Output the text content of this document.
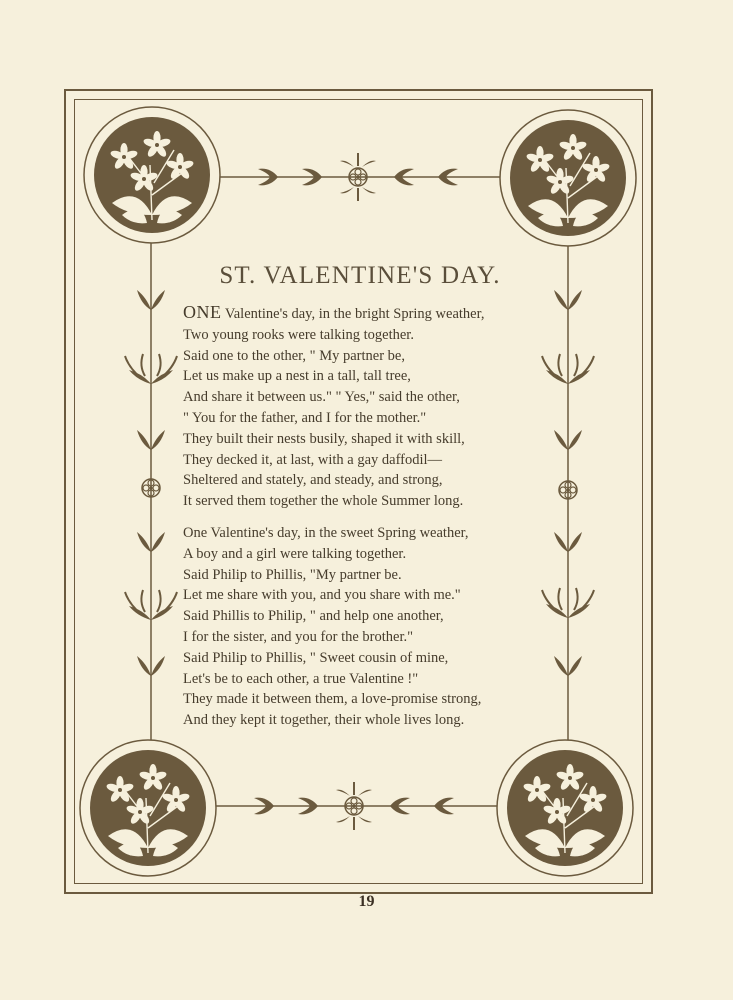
ST. VALENTINE'S DAY.
ONE Valentine's day, in the bright Spring weather,
Two young rooks were talking together.
Said one to the other, " My partner be,
Let us make up a nest in a tall, tall tree,
And share it between us." " Yes," said the other,
" You for the father, and I for the mother."
They built their nests busily, shaped it with skill,
They decked it, at last, with a gay daffodil—
Sheltered and stately, and steady, and strong,
It served them together the whole Summer long.
One Valentine's day, in the sweet Spring weather,
A boy and a girl were talking together.
Said Philip to Phillis, "My partner be.
Let me share with you, and you share with me."
Said Phillis to Philip, " and help one another,
I for the sister, and you for the brother."
Said Philip to Phillis, " Sweet cousin of mine,
Let's be to each other, a true Valentine !"
They made it between them, a love-promise strong,
And they kept it together, their whole lives long.
19
